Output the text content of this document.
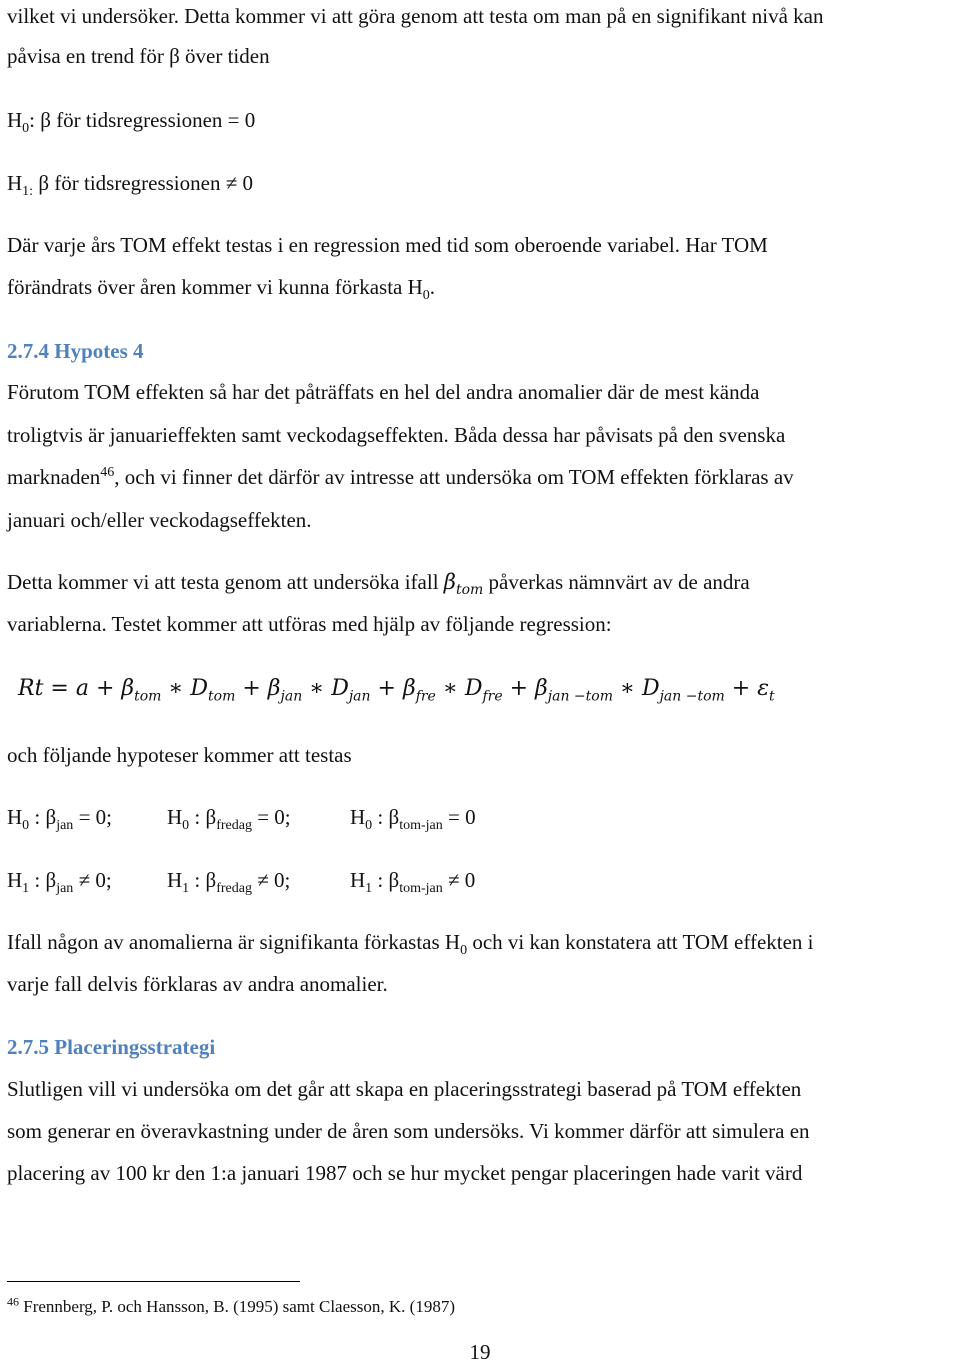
vilket vi undersöker. Detta kommer vi att göra genom att testa om man på en signifikant nivå kan
påvisa en trend för β över tiden
$H_0$: β för tidsregressionen = 0
$H_{1:}$ β för tidsregressionen ≠ 0
Där varje års TOM effekt testas i en regression med tid som oberoende variabel. Har TOM
förändrats över åren kommer vi kunna förkasta $H_0$.
2.7.4 Hypotes 4
Förutom TOM effekten så har det påträffats en hel del andra anomalier där de mest kända
troligtvis är januarieffekten samt veckodagseffekten. Båda dessa har påvisats på den svenska
marknaden$^{46}$, och vi finner det därför av intresse att undersöka om TOM effekten förklaras av
januari och/eller veckodagseffekten.
Detta kommer vi att testa genom att undersöka ifall $\beta_{tom}$ påverkas nämnvärt av de andra
variablerna. Testet kommer att utföras med hjälp av följande regression:
$Rt = a + \beta_{tom}$ ∗ $D_{tom} + \beta_{jan}$ ∗ $D_{jan} + \beta_{fre}$ ∗ $D_{fre} + \beta_{jan -tom}$ ∗ $D_{jan -tom} + \varepsilon_t$
och följande hypoteser kommer att testas
$H_0$ : $\beta_{jan} = 0$;	$H_0$ : $\beta_{fredag} = 0$;	$H_0$ : $\beta_{tom-jan} = 0$
$H_1$ : $\beta_{jan} \ne 0$;	$H_1$ : $\beta_{fredag} \ne 0$;	$H_1$ : $\beta_{tom-jan} \ne 0$
Ifall någon av anomalierna är signifikanta förkastas $H_0$ och vi kan konstatera att TOM effekten i
varje fall delvis förklaras av andra anomalier.
2.7.5 Placeringsstrategi
Slutligen vill vi undersöka om det går att skapa en placeringsstrategi baserad på TOM effekten
som generar en överavkastning under de åren som undersöks. Vi kommer därför att simulera en
placering av 100 kr den 1:a januari 1987 och se hur mycket pengar placeringen hade varit värd
$^{46}$ Frennberg, P. och Hansson, B. (1995) samt Claesson, K. (1987)
19
